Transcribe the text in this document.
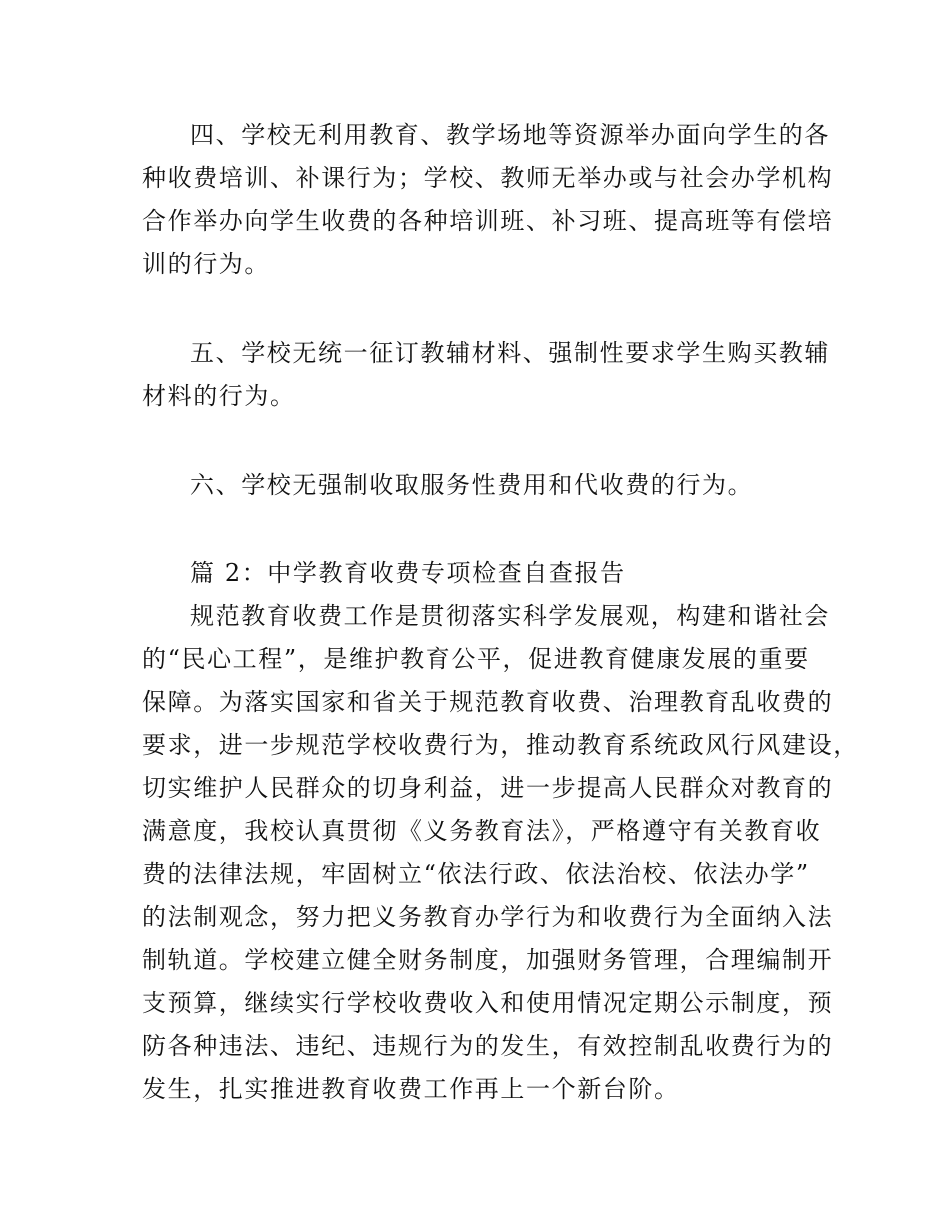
四、学校无利用教育、教学场地等资源举办面向学生的各
种收费培训、补课行为；学校、教师无举办或与社会办学机构
合作举办向学生收费的各种培训班、补习班、提高班等有偿培
训的行为。
五、学校无统一征订教辅材料、强制性要求学生购买教辅
材料的行为。
六、学校无强制收取服务性费用和代收费的行为。
篇 2：中学教育收费专项检查自查报告
规范教育收费工作是贯彻落实科学发展观，构建和谐社会
的“民心工程”，是维护教育公平，促进教育健康发展的重要
保障。为落实国家和省关于规范教育收费、治理教育乱收费的
要求，进一步规范学校收费行为，推动教育系统政风行风建设，
切实维护人民群众的切身利益，进一步提高人民群众对教育的
满意度，我校认真贯彻《义务教育法》，严格遵守有关教育收
费的法律法规，牢固树立“依法行政、依法治校、依法办学”
的法制观念，努力把义务教育办学行为和收费行为全面纳入法
制轨道。学校建立健全财务制度，加强财务管理，合理编制开
支预算，继续实行学校收费收入和使用情况定期公示制度，预
防各种违法、违纪、违规行为的发生，有效控制乱收费行为的
发生，扎实推进教育收费工作再上一个新台阶。
